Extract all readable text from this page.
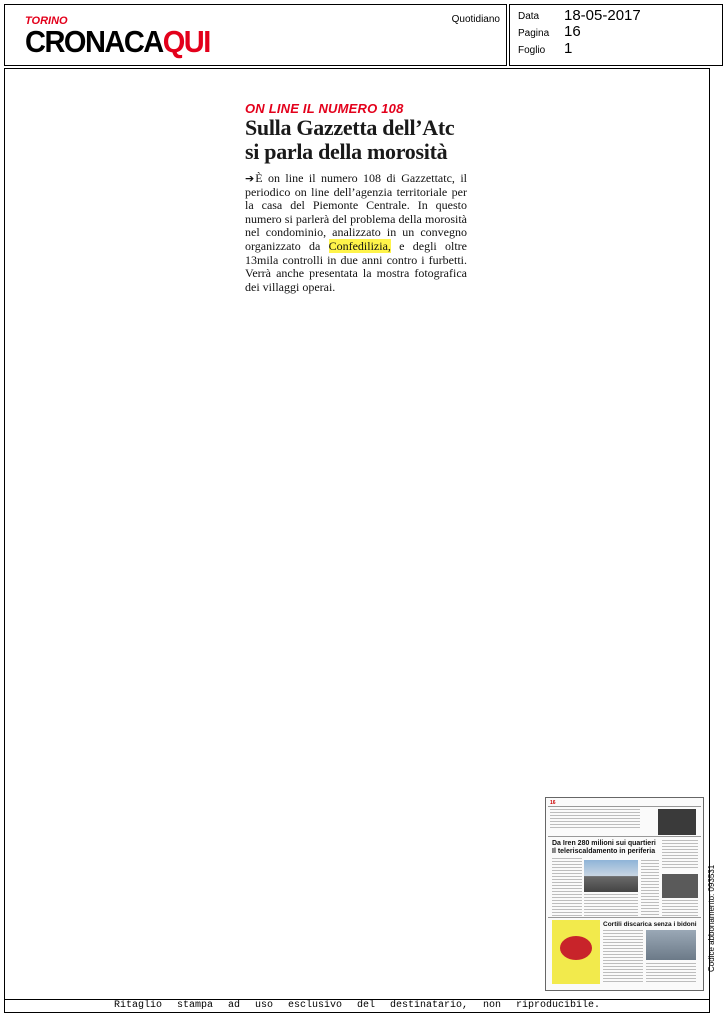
TORINO
CRONACAQUI
Quotidiano Data 18-05-2017
Pagina 16
Foglio 1
ON LINE IL NUMERO 108
Sulla Gazzetta dell’Atc
si parla della morosità
➔È on line il numero 108 di Gazzettatc, il periodico on line dell’agenzia territoriale per la casa del Piemonte Centrale. In questo numero si parlerà del problema della morosità nel condominio, analizzato in un convegno organizzato da Confedilizia, e degli oltre 13mila controlli in due anni contro i furbetti. Verrà anche presentata la mostra fotografica dei villaggi operai.
16
Da Iren 280 milioni sui quartieri
Il teleriscaldamento in periferia
Cortili discarica senza i bidoni Codice abbonamento: 093531
Ritaglio stampa ad uso esclusivo del destinatario, non riproducibile.
